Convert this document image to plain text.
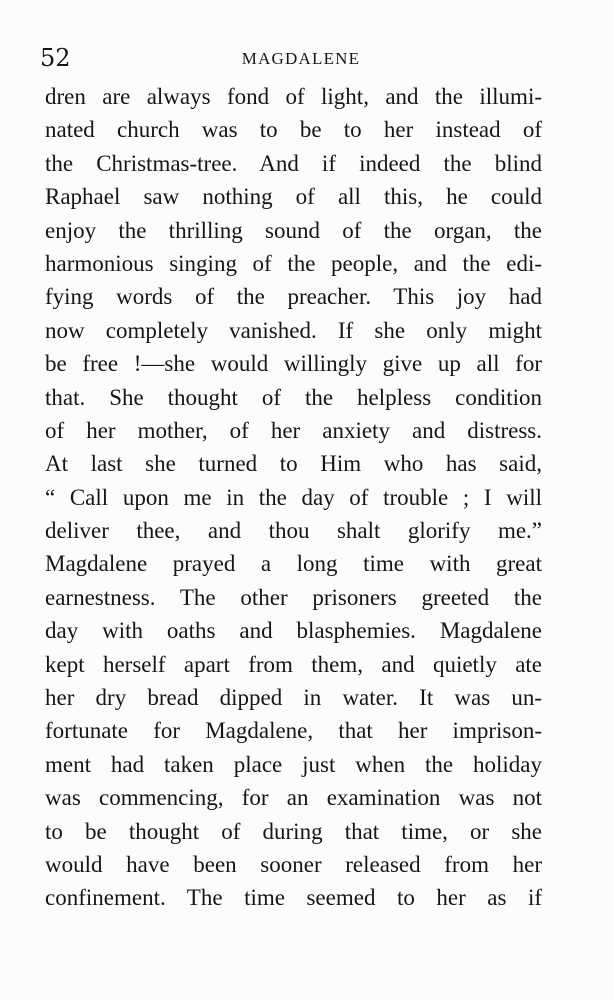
52	MAGDALENE
dren are always fond of light, and the illumi-
nated church was to be to her instead of
the Christmas-tree. And if indeed the blind
Raphael saw nothing of all this, he could
enjoy the thrilling sound of the organ, the
harmonious singing of the people, and the edi-
fying words of the preacher. This joy had
now completely vanished. If she only might
be free !—she would willingly give up all for
that. She thought of the helpless condition
of her mother, of her anxiety and distress.
At last she turned to Him who has said,
“ Call upon me in the day of trouble ; I will
deliver thee, and thou shalt glorify me.”
Magdalene prayed a long time with great
earnestness. The other prisoners greeted the
day with oaths and blasphemies. Magdalene
kept herself apart from them, and quietly ate
her dry bread dipped in water. It was un-
fortunate for Magdalene, that her imprison-
ment had taken place just when the holiday
was commencing, for an examination was not
to be thought of during that time, or she
would have been sooner released from her
confinement. The time seemed to her as if
